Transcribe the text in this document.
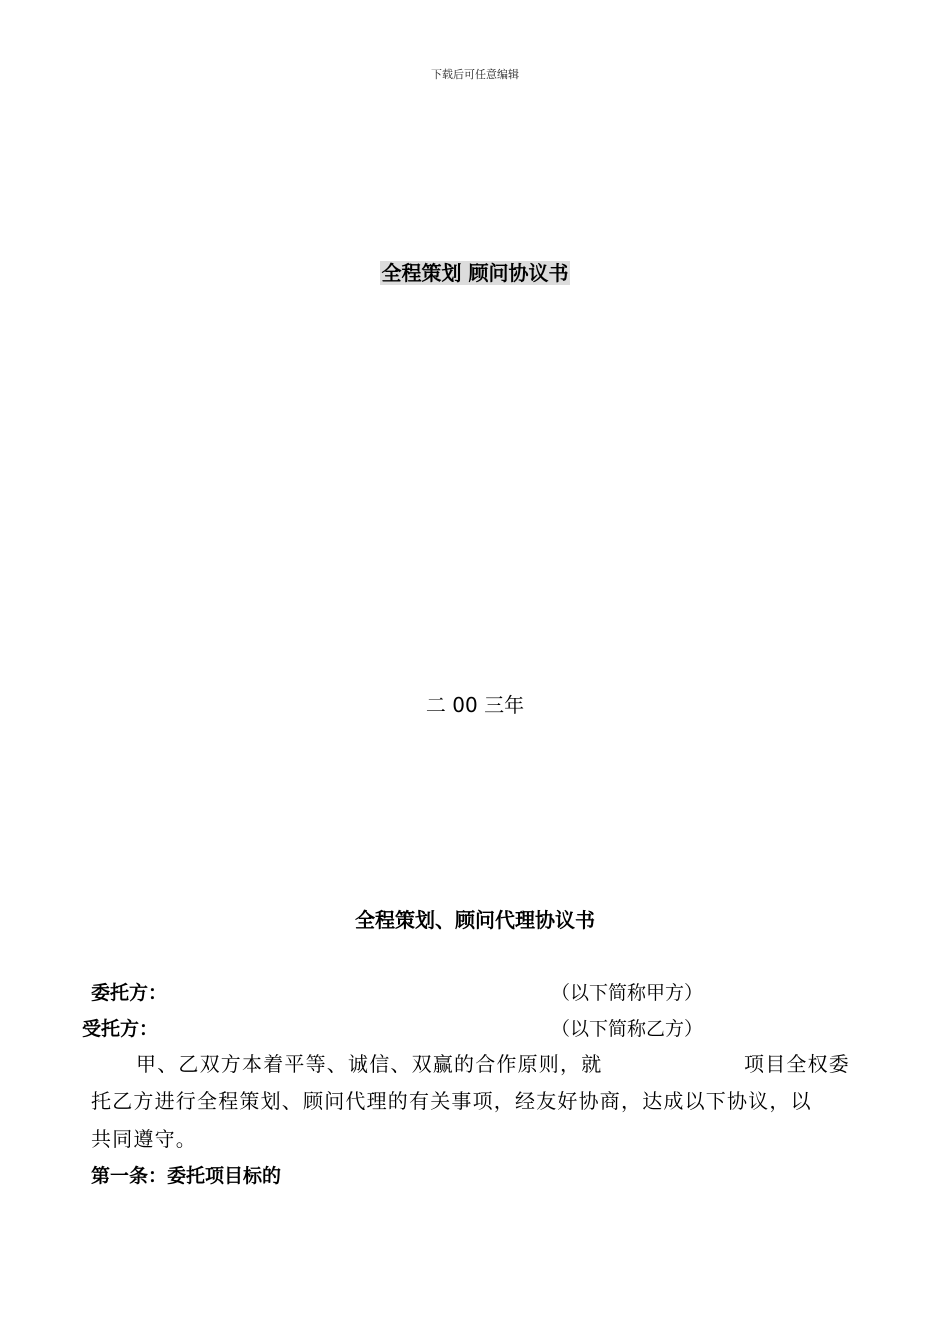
下载后可任意编辑
全程策划 顾问协议书
二 00 三年
全程策划、顾问代理协议书
委托方：	（以下简称甲方）
受托方：	（以下简称乙方）
甲、乙双方本着平等、诚信、双赢的合作原则，就	项目全权委
托乙方进行全程策划、顾问代理的有关事项，经友好协商，达成以下协议，以
共同遵守。
第一条：委托项目标的
